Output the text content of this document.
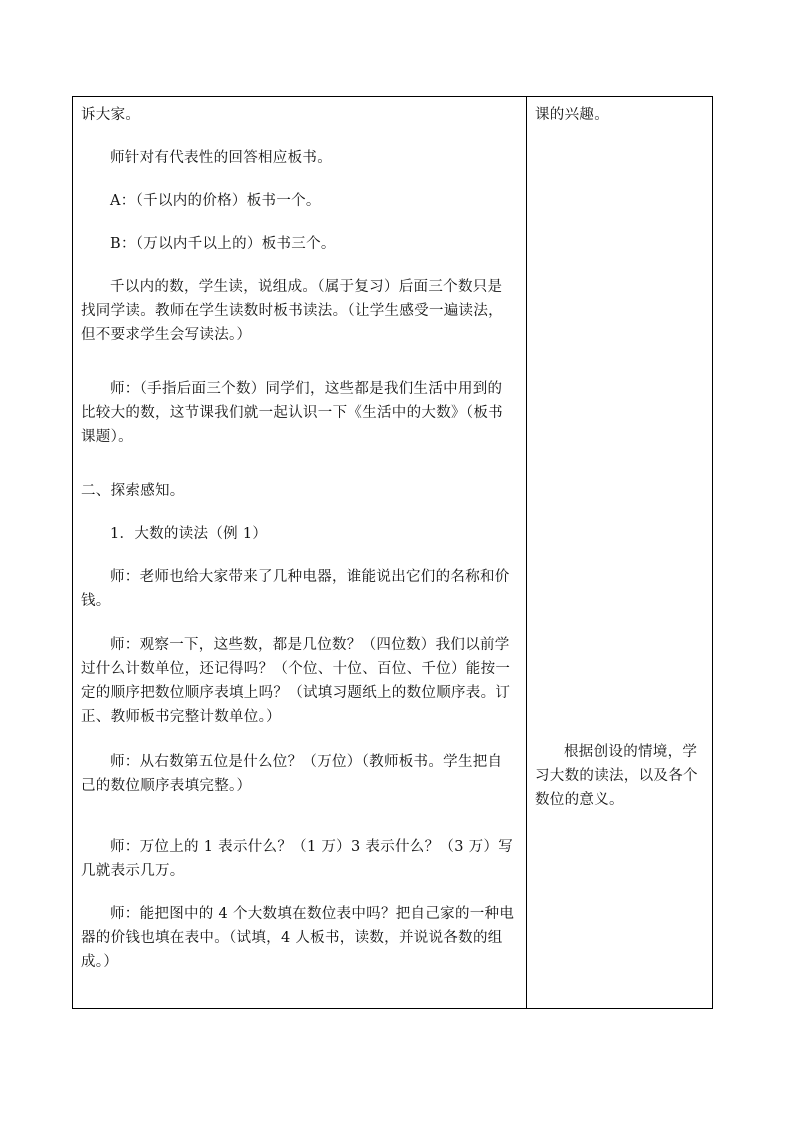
诉大家。

师针对有代表性的回答相应板书。

A：（千以内的价格）板书一个。

B：（万以内千以上的）板书三个。

千以内的数，学生读，说组成。（属于复习）后面三个数只是找同学读。教师在学生读数时板书读法。（让学生感受一遍读法，但不要求学生会写读法。）

师：（手指后面三个数）同学们，这些都是我们生活中用到的比较大的数，这节课我们就一起认识一下《生活中的大数》（板书课题）。

二、探索感知。

1．大数的读法（例 1）

师：老师也给大家带来了几种电器，谁能说出它们的名称和价钱。

师：观察一下，这些数，都是几位数？（四位数）我们以前学过什么计数单位，还记得吗？（个位、十位、百位、千位）能按一定的顺序把数位顺序表填上吗？（试填习题纸上的数位顺序表。订正、教师板书完整计数单位。）

师：从右数第五位是什么位？（万位）（教师板书。学生把自己的数位顺序表填完整。）

师：万位上的 1 表示什么？（1 万）3 表示什么？（3 万）写几就表示几万。

师：能把图中的 4 个大数填在数位表中吗？把自己家的一种电器的价钱也填在表中。（试填，4 人板书，读数，并说说各数的组成。）

课的兴趣。

根据创设的情境，学习大数的读法，以及各个数位的意义。
